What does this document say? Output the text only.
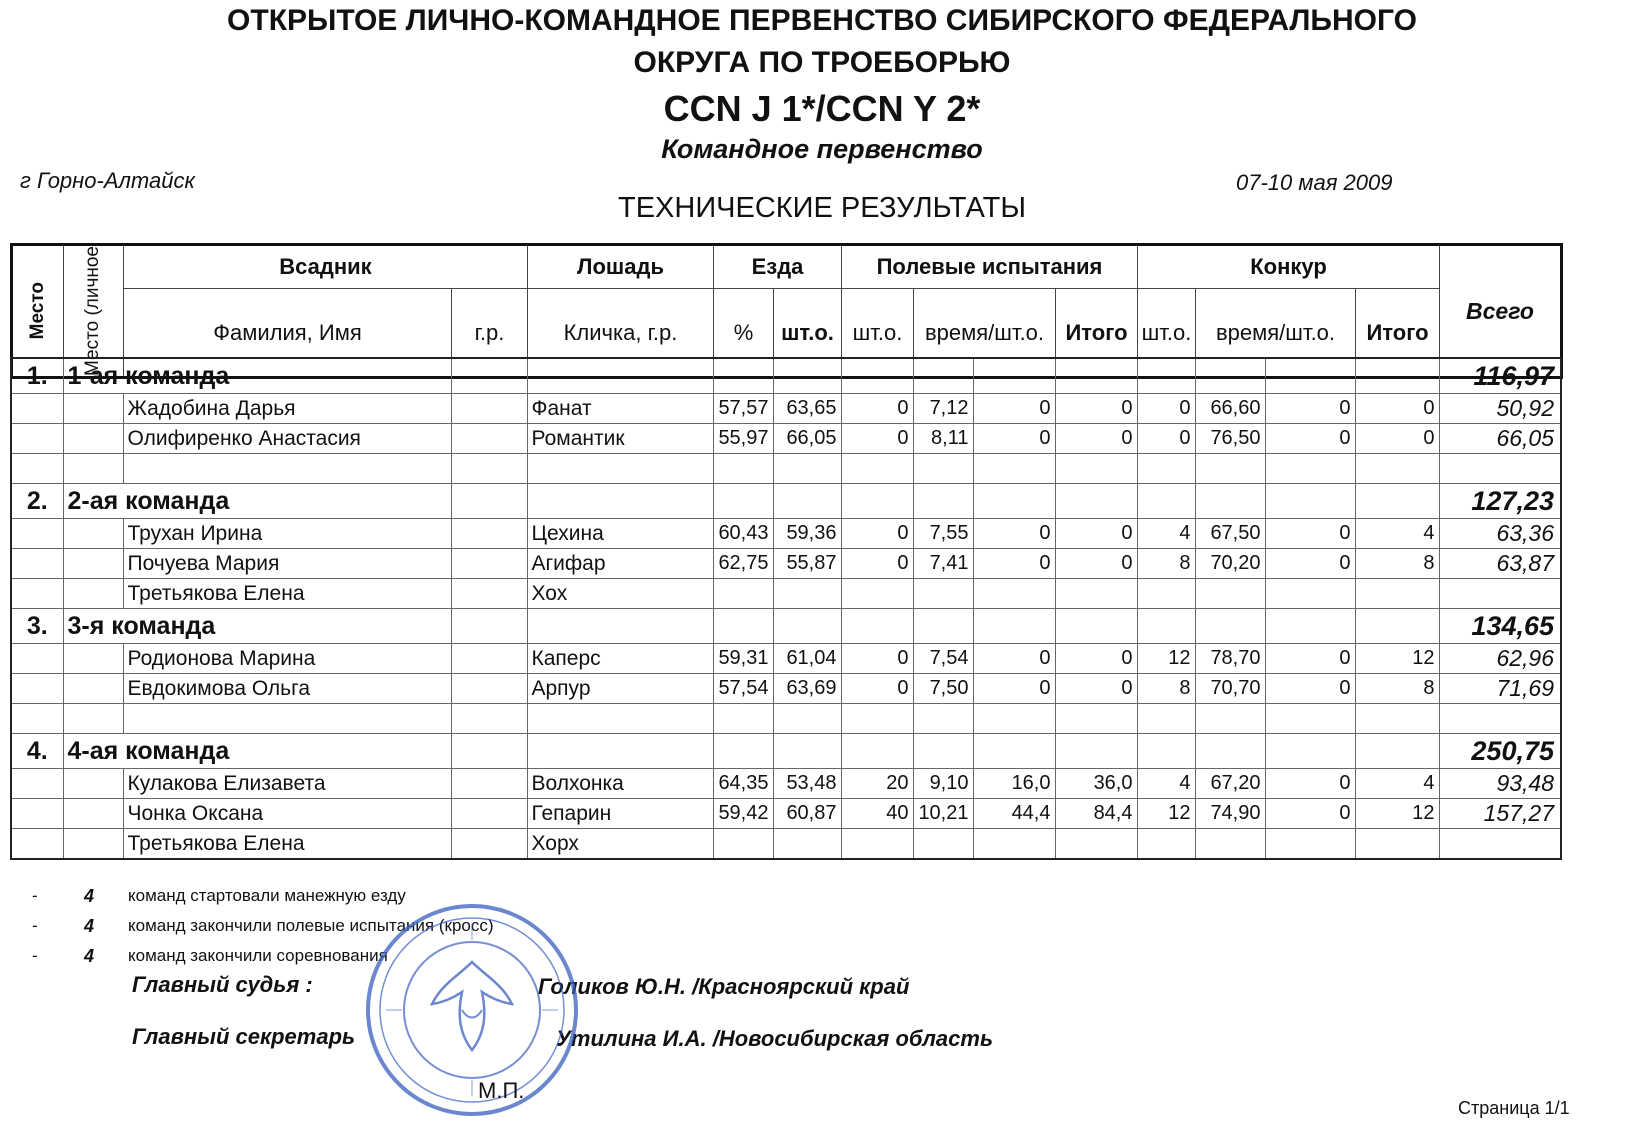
ОТКРЫТОЕ ЛИЧНО-КОМАНДНОЕ ПЕРВЕНСТВО СИБИРСКОГО ФЕДЕРАЛЬНОГО
ОКРУГА ПО ТРОЕБОРЬЮ
CCN J 1*/CCN Y 2*
Командное первенство
г Горно-Алтайск	07-10 мая 2009
ТЕХНИЧЕСКИЕ РЕЗУЛЬТАТЫ
Место	Место (личное	Всадник		Лошадь	Езда		Полевые испытания			Конкур			Всего
		Фамилия, Имя	г.р.	Кличка, г.р.	%	шт.о.	шт.о.	время/шт.о.	Итого	шт.о.	время/шт.о.	Итого	
1.	1-ая команда														116,97
		Жадобина Дарья		Фанат	57,57	63,65	0	7,12	0	0	0	66,60	0	0	50,92
		Олифиренко Анастасия		Романтик	55,97	66,05	0	8,11	0	0	0	76,50	0	0	66,05

2.	2-ая команда														127,23
		Трухан Ирина		Цехина	60,43	59,36	0	7,55	0	0	4	67,50	0	4	63,36
		Почуева Мария		Агифар	62,75	55,87	0	7,41	0	0	8	70,20	0	8	63,87
		Третьякова Елена		Хох											
3.	3-я команда														134,65
		Родионова Марина		Каперс	59,31	61,04	0	7,54	0	0	12	78,70	0	12	62,96
		Евдокимова Ольга		Арпур	57,54	63,69	0	7,50	0	0	8	70,70	0	8	71,69

4.	4-ая команда														250,75
		Кулакова Елизавета		Волхонка	64,35	53,48	20	9,10	16,0	36,0	4	67,20	0	4	93,48
		Чонка Оксана		Гепарин	59,42	60,87	40	10,21	44,4	84,4	12	74,90	0	12	157,27
		Третьякова Елена		Хорх											
-	4 команд стартовали манежную езду
-	4 команд закончили полевые испытания (кросс)
-	4 команд закончили соревнования
Главный судья :	Голиков Ю.Н. /Красноярский край
Главный секретарь	Утилина И.А. /Новосибирская область
М.П.
Страница 1/1
